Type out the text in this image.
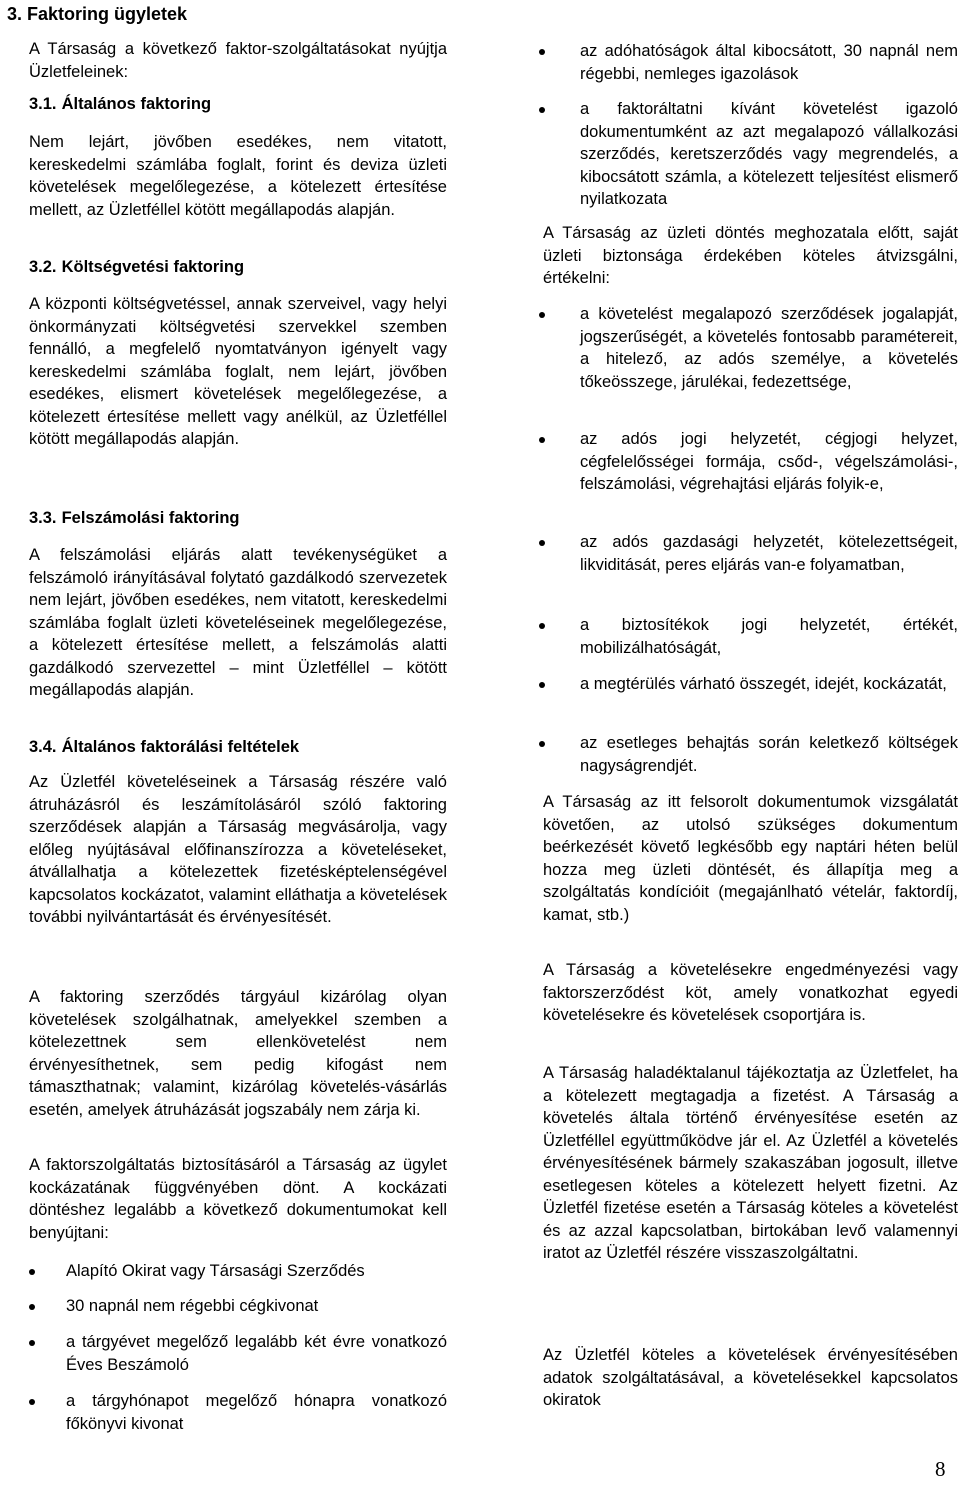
3. Faktoring ügyletek
A Társaság a következő faktor-szolgáltatásokat nyújtja Üzletfeleinek:
3.1. Általános faktoring
Nem lejárt, jövőben esedékes, nem vitatott, kereskedelmi számlába foglalt, forint és deviza üzleti követelések megelőlegezése, a kötelezett értesítése mellett, az Üzletféllel kötött megállapodás alapján.
3.2. Költségvetési faktoring
A központi költségvetéssel, annak szerveivel, vagy helyi önkormányzati költségvetési szervekkel szemben fennálló, a megfelelő nyomtatványon igényelt vagy kereskedelmi számlába foglalt, nem lejárt, jövőben esedékes, elismert követelések megelőlegezése, a kötelezett értesítése mellett vagy anélkül, az Üzletféllel kötött megállapodás alapján.
3.3. Felszámolási faktoring
A felszámolási eljárás alatt tevékenységüket a felszámoló irányításával folytató gazdálkodó szervezetek nem lejárt, jövőben esedékes, nem vitatott, kereskedelmi számlába foglalt üzleti követeléseinek megelőlegezése, a kötelezett értesítése mellett, a felszámolás alatti gazdálkodó szervezettel – mint Üzletféllel – kötött megállapodás alapján.
3.4. Általános faktorálási feltételek
Az Üzletfél követeléseinek a Társaság részére való átruházásról és leszámítolásáról szóló faktoring szerződések alapján a Társaság megvásárolja, vagy előleg nyújtásával előfinanszírozza a követeléseket, átvállalhatja a kötelezettek fizetésképtelenségével kapcsolatos kockázatot, valamint elláthatja a követelések további nyilvántartását és érvényesítését.
A faktoring szerződés tárgyául kizárólag olyan követelések szolgálhatnak, amelyekkel szemben a kötelezettnek sem ellenkövetelést nem érvényesíthetnek, sem pedig kifogást nem támaszthatnak; valamint, kizárólag követelés-vásárlás esetén, amelyek átruházását jogszabály nem zárja ki.
A faktorszolgáltatás biztosításáról a Társaság az ügylet kockázatának függvényében dönt. A kockázati döntéshez legalább a következő dokumentumokat kell benyújtani:
Alapító Okirat vagy Társasági Szerződés
30 napnál nem régebbi cégkivonat
a tárgyévet megelőző legalább két évre vonatkozó Éves Beszámoló
a tárgyhónapot megelőző hónapra vonatkozó főkönyvi kivonat
az adóhatóságok által kibocsátott, 30 napnál nem régebbi, nemleges igazolások
a faktoráltatni kívánt követelést igazoló dokumentumként az azt megalapozó vállalkozási szerződés, keretszerződés vagy megrendelés, a kibocsátott számla, a kötelezett teljesítést elismerő nyilatkozata
A Társaság az üzleti döntés meghozatala előtt, saját üzleti biztonsága érdekében köteles átvizsgálni, értékelni:
a követelést megalapozó szerződések jogalapját, jogszerűségét, a követelés fontosabb paramétereit, a hitelező, az adós személye, a követelés tőkeösszege, járulékai, fedezettsége,
az adós jogi helyzetét, cégjogi helyzet, cégfelelősségei formája, csőd-, végelszámolási-, felszámolási, végrehajtási eljárás folyik-e,
az adós gazdasági helyzetét, kötelezettségeit, likviditását, peres eljárás van-e folyamatban,
a biztosítékok jogi helyzetét, értékét, mobilizálhatóságát,
a megtérülés várható összegét, idejét, kockázatát,
az esetleges behajtás során keletkező költségek nagyságrendjét.
A Társaság az itt felsorolt dokumentumok vizsgálatát követően, az utolsó szükséges dokumentum beérkezését követő legkésőbb egy naptári héten belül hozza meg üzleti döntését, és állapítja meg a szolgáltatás kondícióit (megajánlható vételár, faktordíj, kamat, stb.)
A Társaság a követelésekre engedményezési vagy faktorszerződést köt, amely vonatkozhat egyedi követelésekre és követelések csoportjára is.
A Társaság haladéktalanul tájékoztatja az Üzletfelet, ha a kötelezett megtagadja a fizetést. A Társaság a követelés általa történő érvényesítése esetén az Üzletféllel együttműködve jár el. Az Üzletfél a követelés érvényesítésének bármely szakaszában jogosult, illetve esetlegesen köteles a kötelezett helyett fizetni. Az Üzletfél fizetése esetén a Társaság köteles a követelést és az azzal kapcsolatban, birtokában levő valamennyi iratot az Üzletfél részére visszaszolgáltatni.
Az Üzletfél köteles a követelések érvényesítésében adatok szolgáltatásával, a követelésekkel kapcsolatos okiratok
8
